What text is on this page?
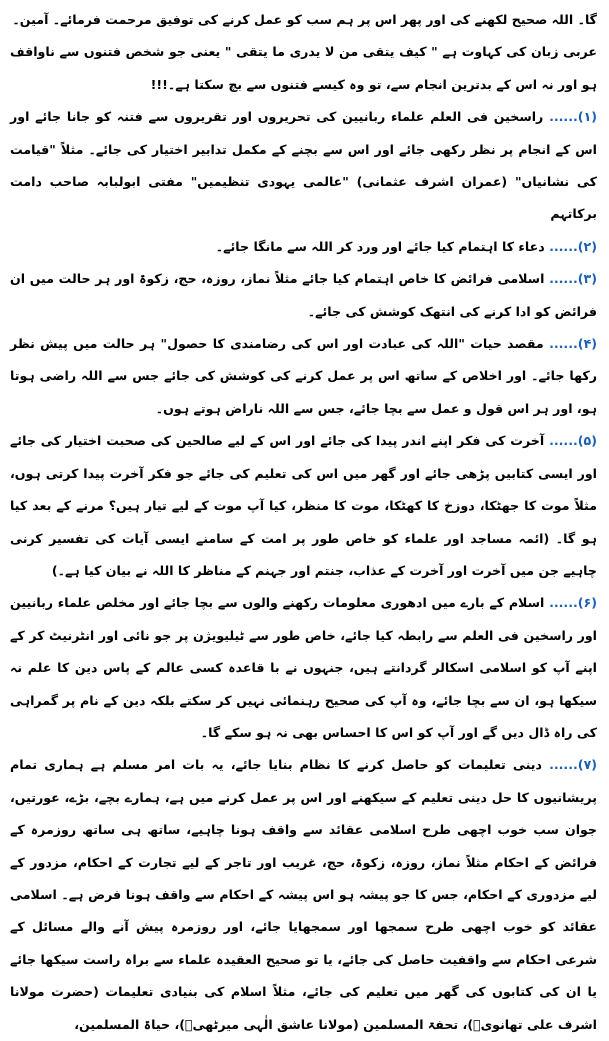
گا۔ اللہ صحیح لکھنے کی اور پھر اس پر ہم سب کو عمل کرنے کی توفیق مرحمت فرمائے۔ آمین۔

عربی زبان کی کہاوت ہے " کیف یتقی من لا یدری ما یتقی " یعنی جو شخص فتنوں سے ناواقف ہو اور نہ اس کے بدترین انجام سے، تو وہ کیسے فتنوں سے بچ سکتا ہے۔!!!

(۱)...... راسخین فی العلم علماء ربانیین کی تحریروں اور تقریروں سے فتنہ کو جانا جائے اور اس کے انجام پر نظر رکھی جائے اور اس سے بچنے کے مکمل تدابیر اختیار کی جائے۔ مثلاً "قیامت کی نشانیاں" (عمران اشرف عثمانی) "عالمی یہودی تنظیمیں" مفتی ابولبابہ صاحب دامت برکاتہم

(۲)...... دعاء کا اہتمام کیا جائے اور ورد کر اللہ سے مانگا جائے۔

(۳)...... اسلامی فرائض کا خاص اہتمام کیا جائے مثلاً نماز، روزہ، حج، زکوۃ اور ہر حالت میں ان فرائض کو ادا کرنے کی انتھک کوشش کی جائے۔

(۴)...... مقصد حیات "اللہ کی عبادت اور اس کی رضامندی کا حصول" ہر حالت میں پیش نظر رکھا جائے۔ اور اخلاص کے ساتھ اس پر عمل کرنے کی کوشش کی جائے جس سے اللہ راضی ہوتا ہو، اور ہر اس قول و عمل سے بچا جائے، جس سے اللہ ناراض ہوتے ہوں۔

(۵)...... آخرت کی فکر اپنے اندر پیدا کی جائے اور اس کے لیے صالحین کی صحبت اختیار کی جائے اور ایسی کتابیں پڑھی جائے اور گھر میں اس کی تعلیم کی جائے جو فکر آخرت پیدا کرتی ہوں، مثلاً موت کا جھٹکا، دوزخ کا کھٹکا، موت کا منظر، کیا آپ موت کے لیے تیار ہیں؟ مرنے کے بعد کیا ہو گا۔ (ائمہ مساجد اور علماء کو خاص طور پر امت کے سامنے ایسی آیات کی تفسیر کرنی چاہیے جن میں آخرت اور آخرت کے عذاب، جنتم اور جہنم کے مناظر کا اللہ نے بیان کیا ہے۔)

(۶)...... اسلام کے بارے میں ادھوری معلومات رکھنے والوں سے بچا جائے اور مخلص علماء ربانیین اور راسخین فی العلم سے رابطہ کیا جائے، خاص طور سے ٹیلیویژن پر جو نائی اور انٹرنیٹ کر کے اپنے آپ کو اسلامی اسکالر گردانتے ہیں، جنہوں نے با قاعدہ کسی عالم کے پاس دین کا علم نہ سیکھا ہو، ان سے بچا جائے، وہ آپ کی صحیح رہنمائی نہیں کر سکتے بلکہ دین کے نام پر گمراہی کی راہ ڈال دیں گے اور آپ کو اس کا احساس بھی نہ ہو سکے گا۔

(۷)...... دینی تعلیمات کو حاصل کرنے کا نظام بنایا جائے، یہ بات امر مسلم ہے ہماری تمام پریشانیوں کا حل دینی تعلیم کے سیکھنے اور اس پر عمل کرنے میں ہے، ہمارے بچے، بڑے، عورتیں، جوان سب خوب اچھی طرح اسلامی عقائد سے واقف ہونا چاہیے، ساتھ ہی ساتھ روزمرہ کے فرائض کے احکام مثلاً نماز، روزہ، زکوۃ، حج، غریب اور تاجر کے لیے تجارت کے احکام، مزدور کے لیے مزدوری کے احکام، جس کا جو پیشہ ہو اس پیشہ کے احکام سے واقف ہونا فرض ہے۔ اسلامی عقائد کو خوب اچھی طرح سمجھا اور سمجھایا جائے، اور روزمرہ پیش آنے والے مسائل کے شرعی احکام سے واقفیت حاصل کی جائے، یا تو صحیح العقیدہ علماء سے براہ راست سیکھا جائے یا ان کی کتابوں کی گھر میں تعلیم کی جائے، مثلاً اسلام کی بنیادی تعلیمات (حضرت مولانا اشرف علی تھانویؒ)، تحفۃ المسلمین (مولانا عاشق الٰہی میرٹھیؒ)، حیاۃ المسلمین،
